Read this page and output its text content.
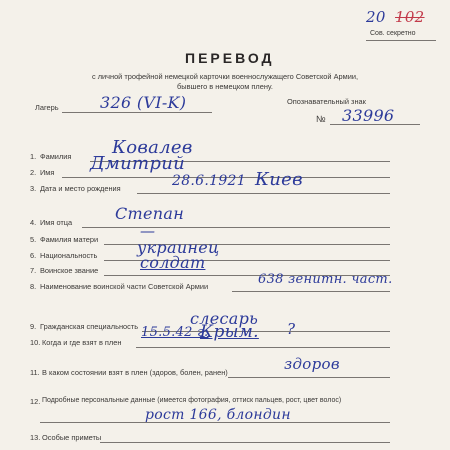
20 102
Сов. секретно
ПЕРЕВОД
с личной трофейной немецкой карточки военнослужащего Советской Армии,
бывшего в немецком плену.
Лагерь	326 (VI-K)	Опознавательный знак
№ 33996
1. Фамилия Ковалев
2. Имя Дмитрий
3. Дата и место рождения	28.6.1921 Киев
4. Имя отца	Степан
5. Фамилия матери	—
6. Национальность украинец
7. Воинское звание	солдат
8. Наименование воинской части Советской Армии	638 зенитн. част.
9. Гражданская специальность	слесарь
10. Когда и где взят в плен
15.5.42 г.
Крым. ?
11. В каком состоянии взят в плен (здоров, болен, ранен)	здоров
12. Подробные персональные данные (имеется фотография, оттиск пальцев, рост, цвет волос)
рост 166, блондин
13. Особые приметы
